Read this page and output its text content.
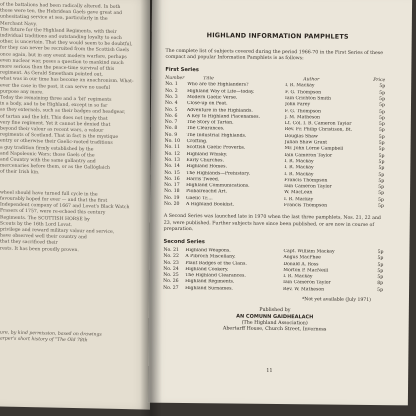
of the battalions had been radically altered. In both

those were ten, the Hebridean Gaels gave great and

unhesitating service at sea, particularly in the

Merchant Navy.

The future for the Highland Regiments, with their

individual traditions and outstanding loyalty to each

other, is uncertain. That they would seem to be doubtful,

for they can never be recruited from the Scottish Gaels

once again, but in any event modern warfare, perhaps

even nuclear war, poses a question to mankind much

more serious than the peace-time survival of this

regiment. As Gerald Smeetham pointed out,

what was in our time has become an anachronism. What-

ever the case in the past, it can serve no useful

purpose any more.

Today the remaining three and a 'bit' regiments

in a body, and to be Highland, except in so far

as they externals, such as their badges and headgear,

of tartan and the kilt. This does not imply that

very fine regiment. Yet it cannot be denied that

beyond their valour as recent wars, a valour

regiments of Scotland. That in fact is the mystique

entry or otherwise their Gaelic-rooted traditions

a guy tradition firmly established by the

and Napoleonic Wars; those Gaels of the

and Country with the same gallantry and

mercenaries before them, or as the Gallóglaich

of their Irish kin.

wheel should have turned full cycle in the

favourably hoped for ever — and that the first

Independent company of 1667 and Lovat's Black Watch

Frasers of 1757, were re-echoed this century

Regiments. The SCOTTISH HORSE by

Scouts by the 16th Lord Lovat.

privilege and reward military valour and service,

have observed well their country and

that they sacrificed their

rests. It has been proudly proven.

ure, by kind permission, based on drawings

arper's short history of "The Old 78th

HIGHLAND INFORMATION PAMPHLETS

The complete list of subjects covered during the period 1966-70 in the First Series of these compact and popular Information Pamphlets is as follows:

First Series
Number	Title	Author	Price
No. 1	Who are the Highlanders?	I. R. Mackay	5p
No. 2	Highland Way of Life—today.	F. G. Thompson	5p
No. 3	Modern Gaelic Verse.	Iain Crichton Smith	5p
No. 4	Close-up on Peat.	John Farey	5p
No. 5	Adventure in the Highlands.	F. G. Thompson	5p
No. 6	A Key to Highland Placenames.	J. M. Matheson	5p
No. 7	The Story of Tartan.	Lt. Col. I. B. Cameron Taylor	5p
No. 8	The Clearances.	Rev. Fr. Philip Christison, Bt.	5p
No. 9	The Industrial Highlands.	Douglas Shaw	5p
No. 10	Crofting.	Julian Shaw Grant	5p
No. 11	Scottish Gaelic Proverbs.	Mr. John Lorne Campbell	5p
No. 12	Highland Whisky.	Iain Cameron Taylor	5p
No. 13	Early Churches.	I. R. Mackay	5p
No. 14	Highland Homes.	I. R. Mackay	5p
No. 15	The Highlands—Prehistory.	I. R. Mackay	5p
No. 16	Harris Tweed.	Francis Thompson	5p
No. 17	Highland Communications.	Iain Cameron Taylor	5p
No. 18	Piobaireachd Art.	W. MacLean	5p
No. 19	Gaelic Tr....	I. R. Mackay	5p
No. 20	A Highland Booklist.	Francis Thompson	5p

A Second Series was launched late in 1970 when the last three pamphlets, Nos. 21, 22 and 23, were published. Further subjects have since been published, or are now in course of preparation.

Second Series
No. 21	Highland Weapons.	Capt. William Mackay	5p
No. 22	A Pibroch Miscellany.	Angus MacPhee	5p
No. 23	Plant Badges of the Clans.	Donald A. Ross	5p
No. 24	Highland Cookery.	Morton P. MacNeill	5p
No. 25	The Highland Clearances.	I. R. Mackay	5p
No. 26	Highland Regiments.	Iain Cameron Taylor	8p
No. 27	Highland Surnames.	Rev. W. Matheson	5p
*Not yet available (July 1971)
Published by
AN COMUNN GAIDHEALACH
(The Highland Association)
Abertarff House, Church Street, Inverness
11
